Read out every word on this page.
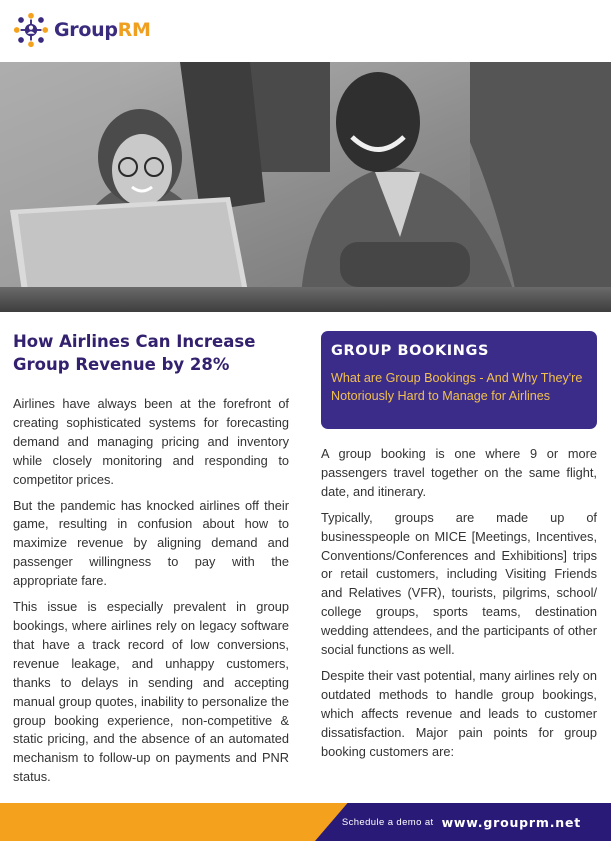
GroupRM
How Airlines Can Increase Group Revenue by 28%

Airlines have always been at the forefront of creating sophisticated systems for forecasting demand and managing pricing and inventory while closely monitoring and responding to competitor prices.

But the pandemic has knocked airlines off their game, resulting in confusion about how to maximize revenue by aligning demand and passenger willingness to pay with the appropriate fare.

This issue is especially prevalent in group bookings, where airlines rely on legacy software that have a track record of low conversions, revenue leakage, and unhappy customers, thanks to delays in sending and accepting manual group quotes, inability to personalize the group booking experience, non-competitive & static pricing, and the absence of an automated mechanism to follow-up on payments and PNR status.

GROUP BOOKINGS
What are Group Bookings - And Why They're Notoriously Hard to Manage for Airlines

A group booking is one where 9 or more passengers travel together on the same flight, date, and itinerary.

Typically, groups are made up of businesspeople on MICE [Meetings, Incentives, Conventions/Conferences and Exhibitions] trips or retail customers, including Visiting Friends and Relatives (VFR), tourists, pilgrims, school/ college groups, sports teams, destination wedding attendees, and the participants of other social functions as well.

Despite their vast potential, many airlines rely on outdated methods to handle group bookings, which affects revenue and leads to customer dissatisfaction. Major pain points for group booking customers are:

Schedule a demo at www.grouprm.net
